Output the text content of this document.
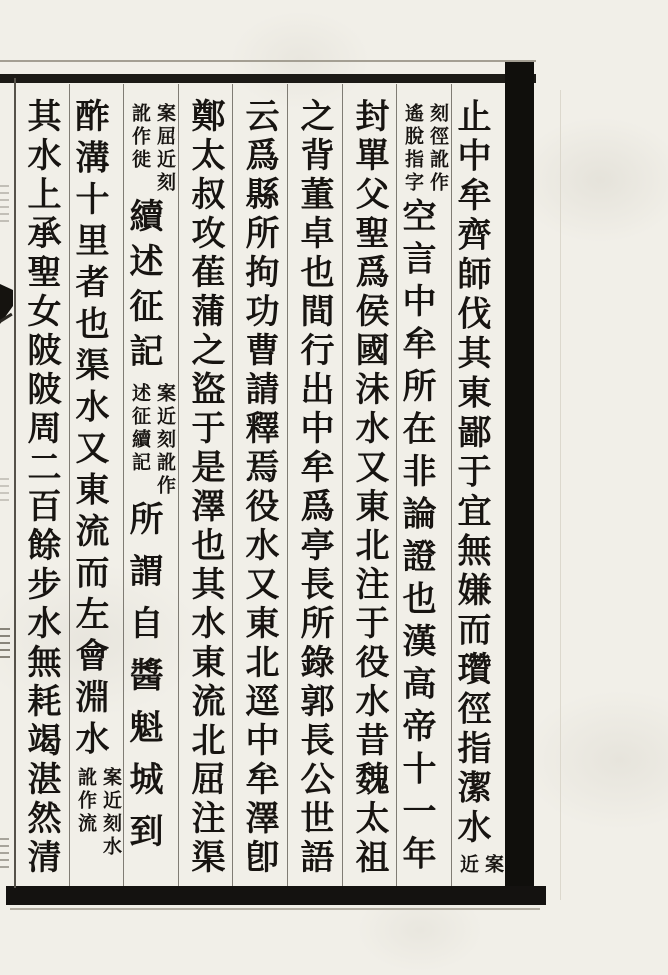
止中牟齊師伐其東鄙于宜無嫌而瓚徑指潔水
案
近
刻徑訛作
遙脫指字
空言中牟所在非論證也漢高帝十一年
封單父聖爲侯國沬水又東北注于役水昔魏太祖
之背董卓也間行出中牟爲亭長所錄郭長公世語
云爲縣所拘功曹請釋焉役水又東北逕中牟澤卽
鄭太叔攻萑蒲之盜于是澤也其水東流北屈注渠
案屈近刻
訛作徙
續述征記
案近刻訛作
述征續記
所謂自醬魁城到
酢溝十里者也渠水又東流而左會淵水
案近刻水
訛作流
其水上承聖女陂陂周二百餘步水無耗竭湛然清
